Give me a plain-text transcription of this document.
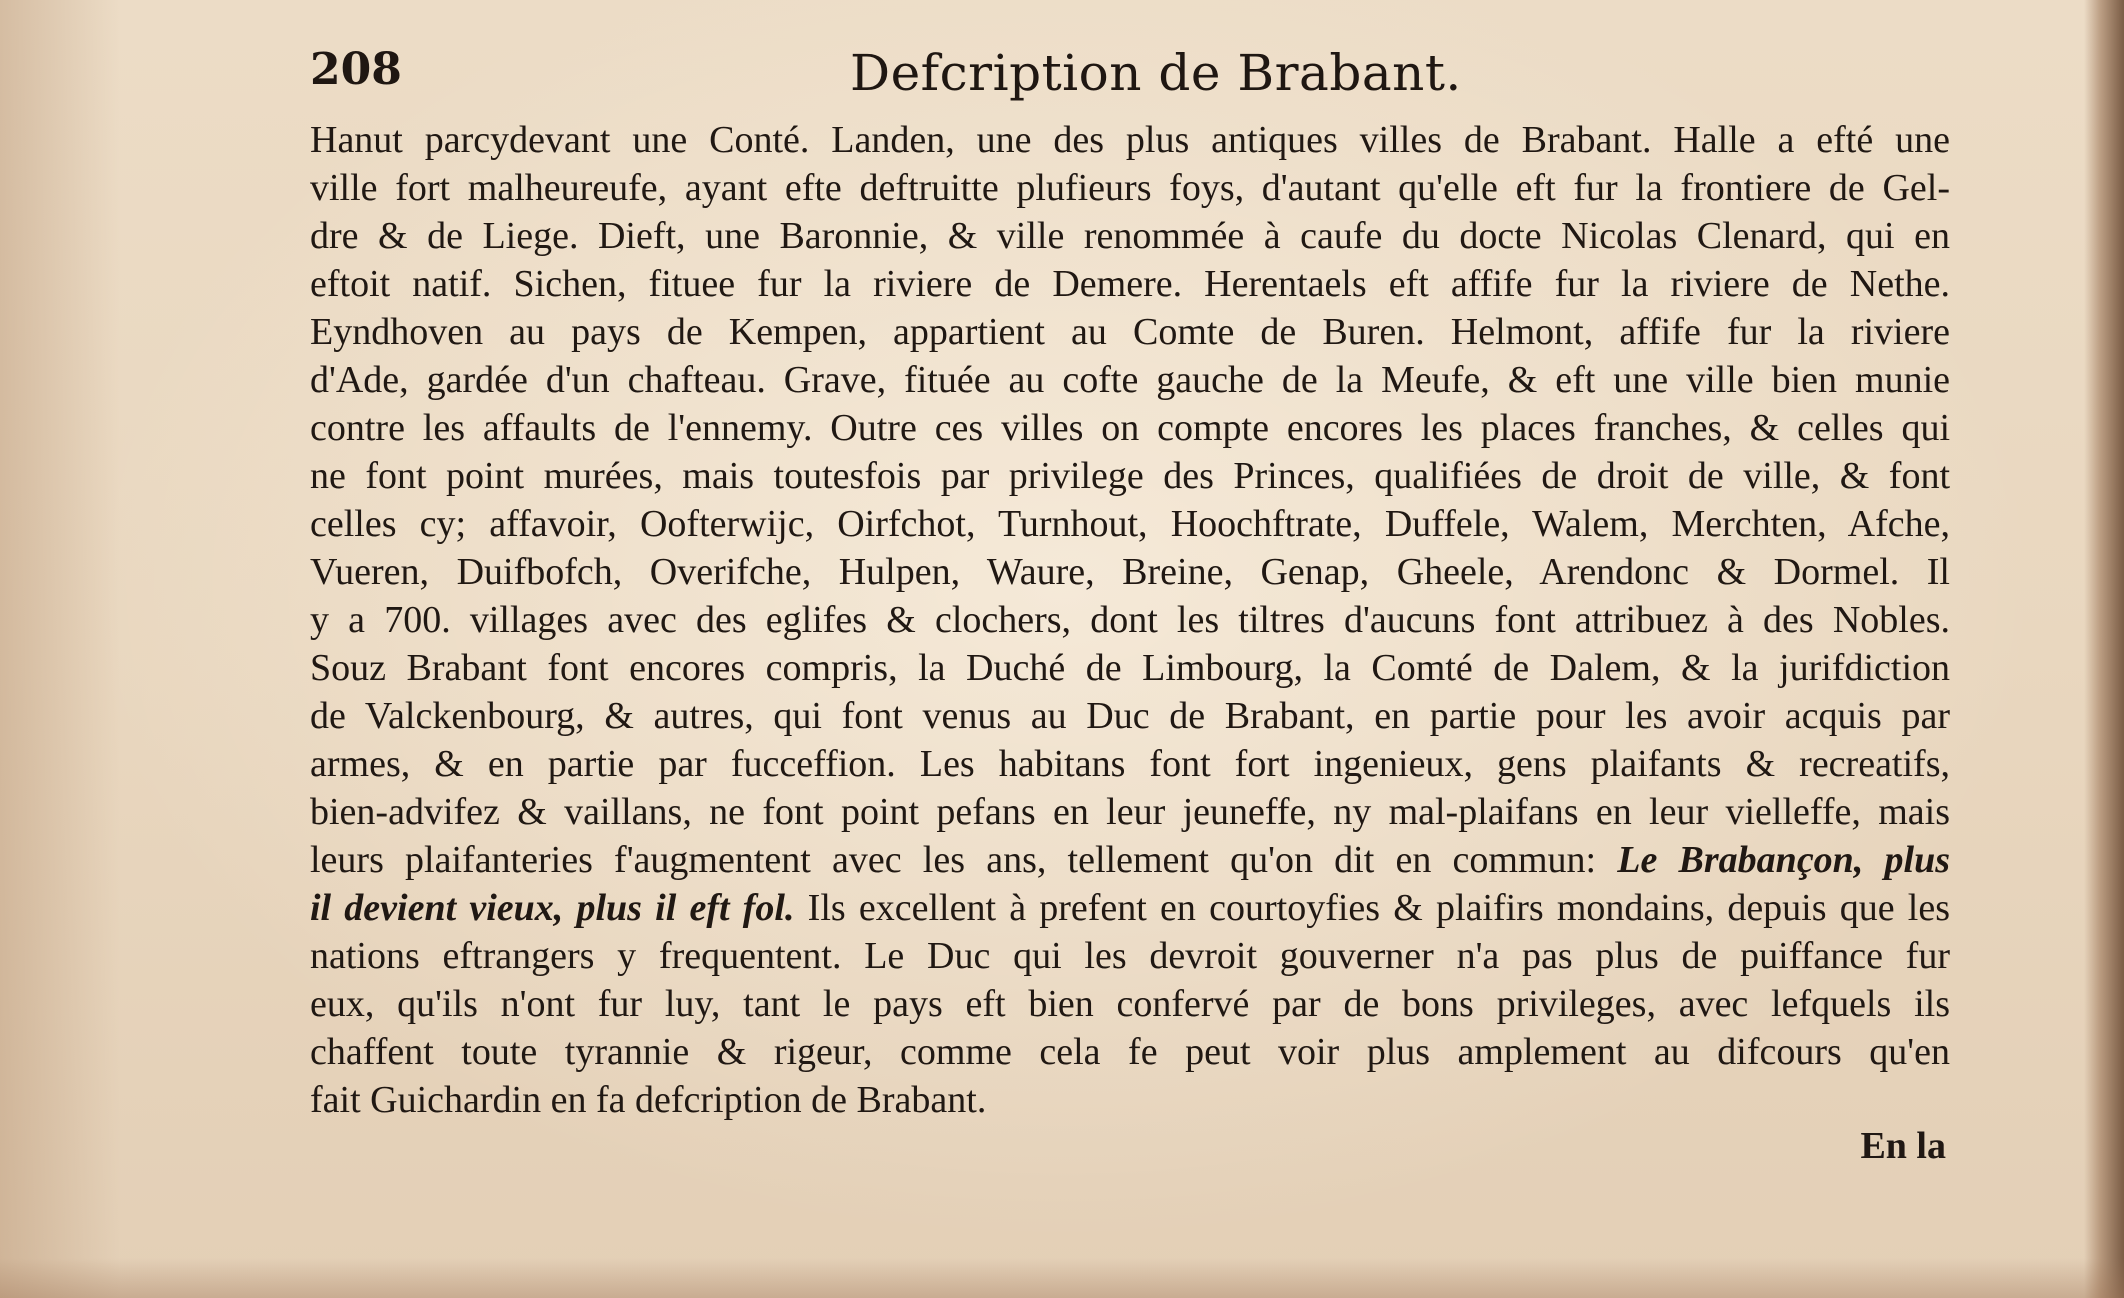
208	Defcription de Brabant.
Hanut parcydevant une Conté. Landen, une des plus antiques villes de Brabant. Halle a efté une
ville fort malheureufe, ayant efte deftruitte plufieurs foys, d'autant qu'elle eft fur la frontiere de Gel-
dre & de Liege. Dieft, une Baronnie, & ville renommée à caufe du docte Nicolas Clenard, qui en
eftoit natif. Sichen, fituee fur la riviere de Demere. Herentaels eft affife fur la riviere de Nethe.
Eyndhoven au pays de Kempen, appartient au Comte de Buren. Helmont, affife fur la riviere
d'Ade, gardée d'un chafteau. Grave, fituée au cofte gauche de la Meufe, & eft une ville bien munie
contre les affaults de l'ennemy. Outre ces villes on compte encores les places franches, & celles qui
ne font point murées, mais toutesfois par privilege des Princes, qualifiées de droit de ville, & font
celles cy; affavoir, Oofterwijc, Oirfchot, Turnhout, Hoochftrate, Duffele, Walem, Merchten, Afche,
Vueren, Duifbofch, Overifche, Hulpen, Waure, Breine, Genap, Gheele, Arendonc & Dormel. Il
y a 700. villages avec des eglifes & clochers, dont les tiltres d'aucuns font attribuez à des Nobles.
Souz Brabant font encores compris, la Duché de Limbourg, la Comté de Dalem, & la jurifdiction
de Valckenbourg, & autres, qui font venus au Duc de Brabant, en partie pour les avoir acquis par
armes, & en partie par fucceffion. Les habitans font fort ingenieux, gens plaifants & recreatifs,
bien-advifez & vaillans, ne font point pefans en leur jeuneffe, ny mal-plaifans en leur vielleffe, mais
leurs plaifanteries f'augmentent avec les ans, tellement qu'on dit en commun: Le Brabançon, plus
il devient vieux, plus il eft fol. Ils excellent à prefent en courtoyfies & plaifirs mondains, depuis que les
nations eftrangers y frequentent. Le Duc qui les devroit gouverner n'a pas plus de puiffance fur
eux, qu'ils n'ont fur luy, tant le pays eft bien confervé par de bons privileges, avec lefquels ils
chaffent toute tyrannie & rigeur, comme cela fe peut voir plus amplement au difcours qu'en
fait Guichardin en fa defcription de Brabant.
En la
